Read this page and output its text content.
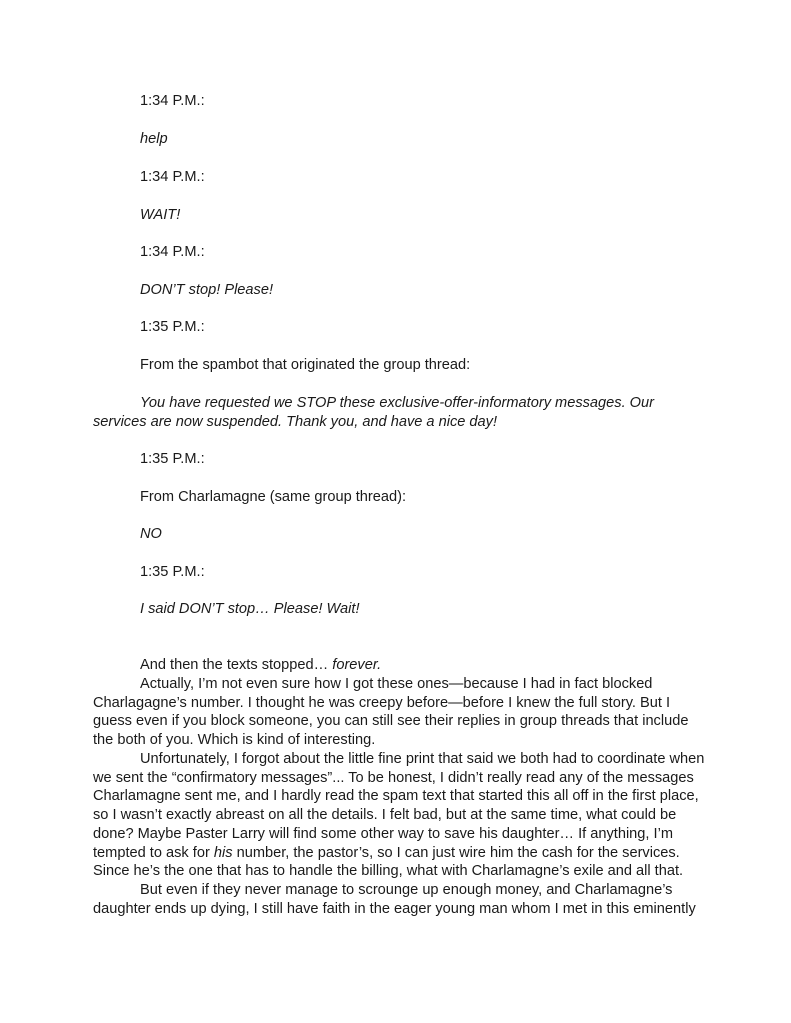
1:34 P.M.:
help
1:34 P.M.:
WAIT!
1:34 P.M.:
DON’T stop! Please!
1:35 P.M.:
From the spambot that originated the group thread:

You have requested we STOP these exclusive-offer-informatory messages. Our services are now suspended. Thank you, and have a nice day!

1:35 P.M.:
From Charlamagne (same group thread):
NO
1:35 P.M.:
I said DON’T stop… Please! Wait!

And then the texts stopped… forever.

Actually, I’m not even sure how I got these ones—because I had in fact blocked Charlagagne’s number. I thought he was creepy before—before I knew the full story. But I guess even if you block someone, you can still see their replies in group threads that include the both of you. Which is kind of interesting.

Unfortunately, I forgot about the little fine print that said we both had to coordinate when we sent the “confirmatory messages”... To be honest, I didn’t really read any of the messages Charlamagne sent me, and I hardly read the spam text that started this all off in the first place, so I wasn’t exactly abreast on all the details. I felt bad, but at the same time, what could be done? Maybe Paster Larry will find some other way to save his daughter… If anything, I’m tempted to ask for his number, the pastor’s, so I can just wire him the cash for the services. Since he’s the one that has to handle the billing, what with Charlamagne’s exile and all that.

But even if they never manage to scrounge up enough money, and Charlamagne’s daughter ends up dying, I still have faith in the eager young man whom I met in this eminently
